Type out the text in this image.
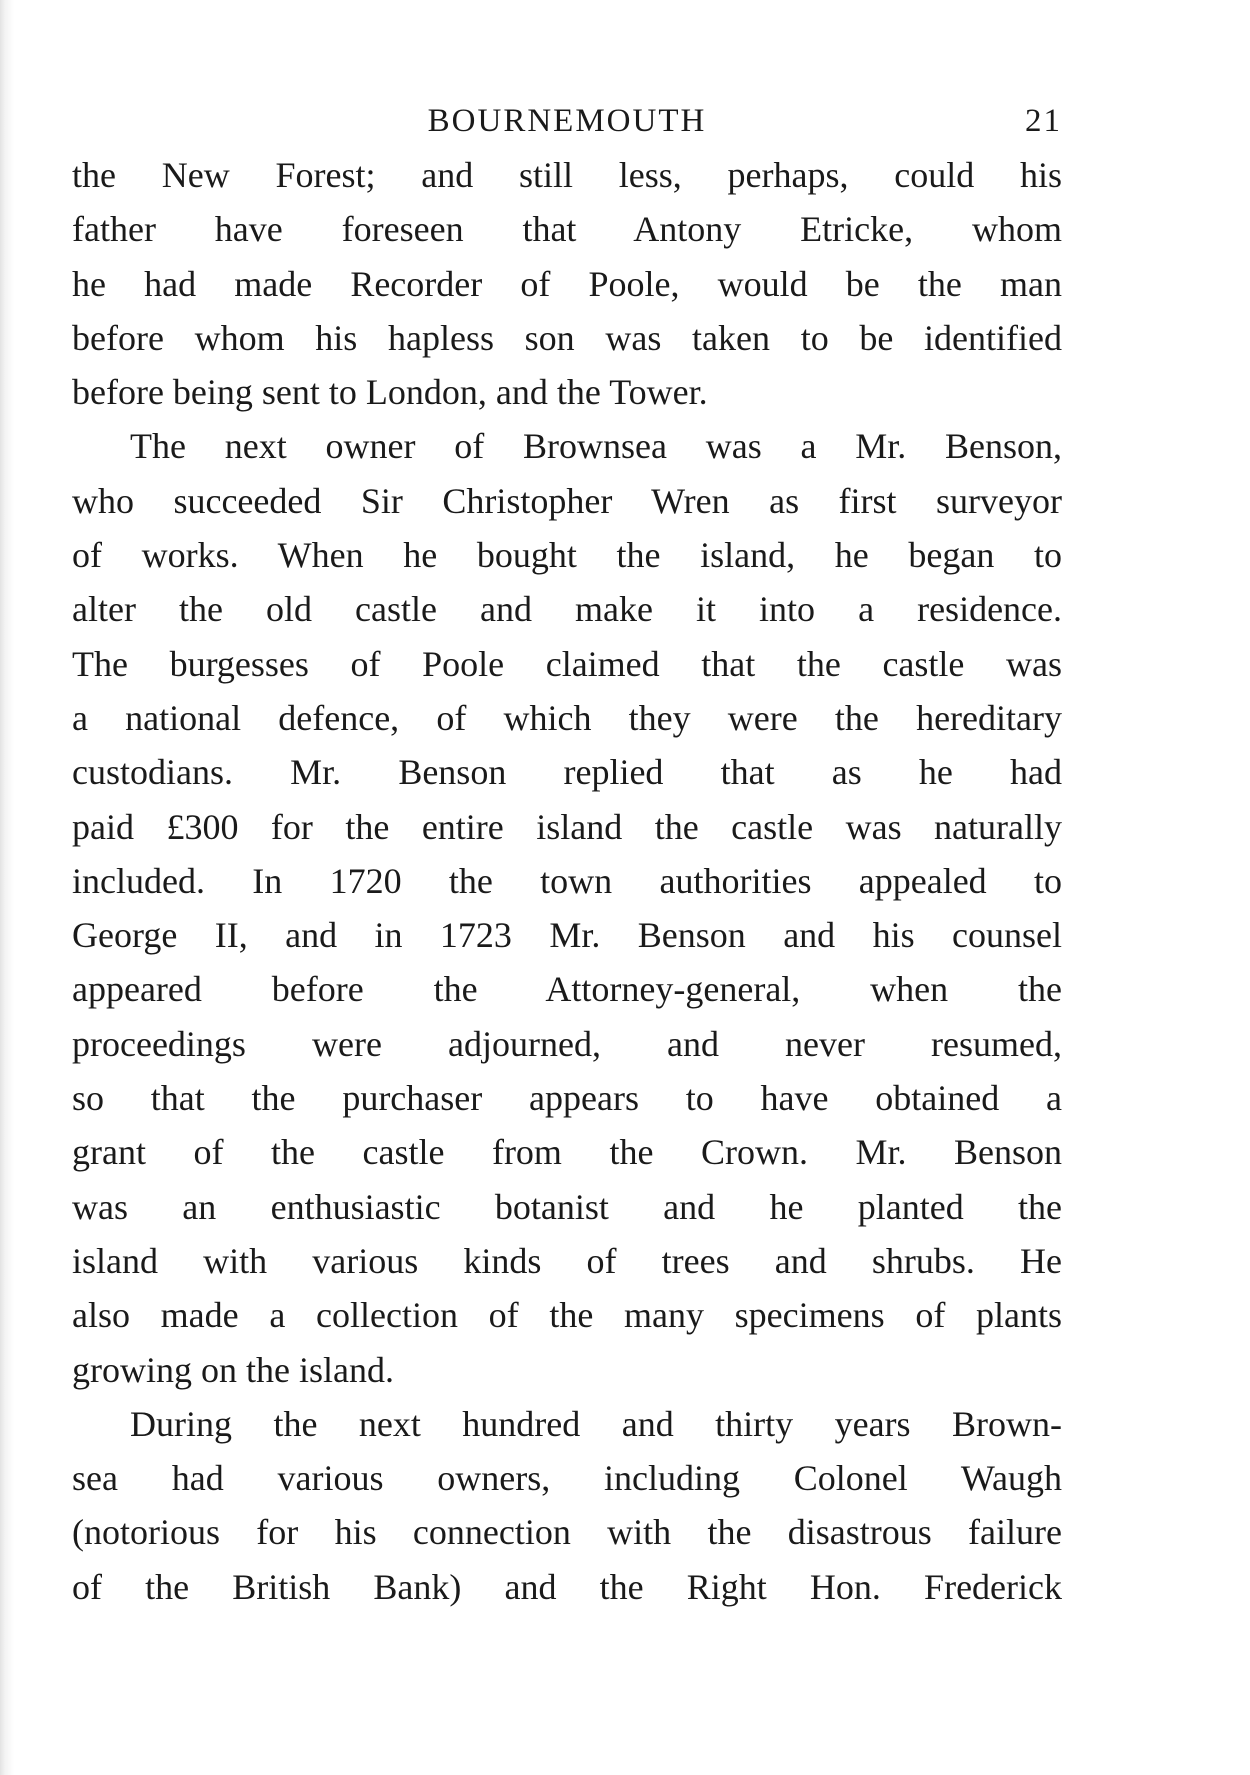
BOURNEMOUTH	21
the New Forest; and still less, perhaps, could his
father have foreseen that Antony Etricke, whom
he had made Recorder of Poole, would be the man
before whom his hapless son was taken to be identified
before being sent to London, and the Tower.
The next owner of Brownsea was a Mr. Benson,
who succeeded Sir Christopher Wren as first surveyor
of works. When he bought the island, he began to
alter the old castle and make it into a residence.
The burgesses of Poole claimed that the castle was
a national defence, of which they were the hereditary
custodians. Mr. Benson replied that as he had
paid £300 for the entire island the castle was naturally
included. In 1720 the town authorities appealed to
George II, and in 1723 Mr. Benson and his counsel
appeared before the Attorney-general, when the
proceedings were adjourned, and never resumed,
so that the purchaser appears to have obtained a
grant of the castle from the Crown. Mr. Benson
was an enthusiastic botanist and he planted the
island with various kinds of trees and shrubs. He
also made a collection of the many specimens of plants
growing on the island.
During the next hundred and thirty years Brown-
sea had various owners, including Colonel Waugh
(notorious for his connection with the disastrous failure
of the British Bank) and the Right Hon. Frederick
